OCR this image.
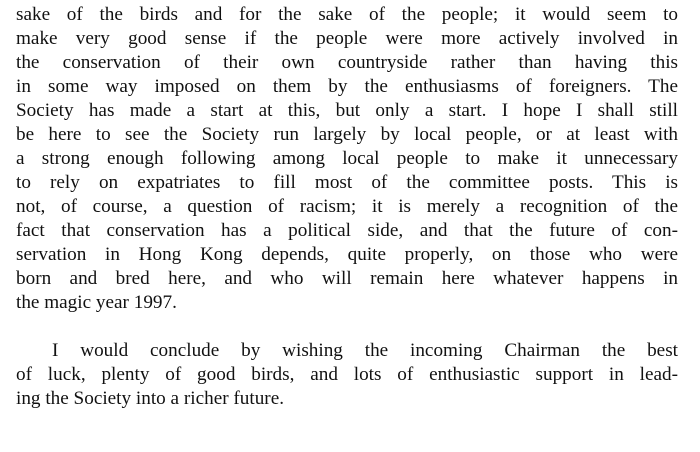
sake of the birds and for the sake of the people; it would seem to
make very good sense if the people were more actively involved in
the conservation of their own countryside rather than having this
in some way imposed on them by the enthusiasms of foreigners. The
Society has made a start at this, but only a start. I hope I shall still
be here to see the Society run largely by local people, or at least with
a strong enough following among local people to make it unnecessary
to rely on expatriates to fill most of the committee posts. This is
not, of course, a question of racism; it is merely a recognition of the
fact that conservation has a political side, and that the future of con-
servation in Hong Kong depends, quite properly, on those who were
born and bred here, and who will remain here whatever happens in
the magic year 1997.
I would conclude by wishing the incoming Chairman the best
of luck, plenty of good birds, and lots of enthusiastic support in lead-
ing the Society into a richer future.
